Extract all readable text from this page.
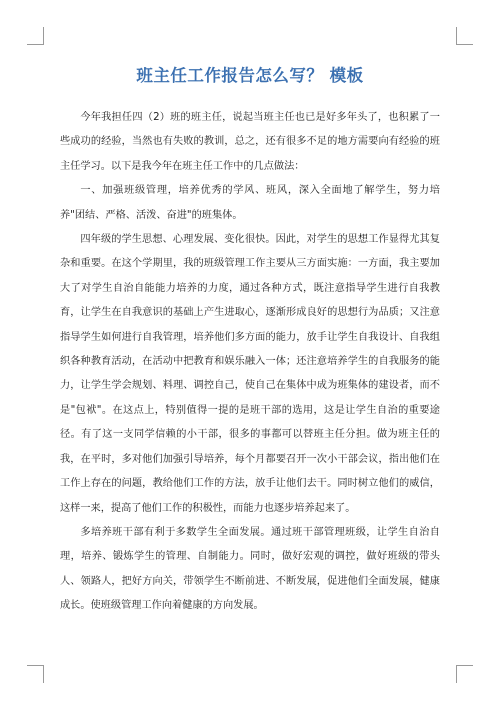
班主任工作报告怎么写？ 模板

今年我担任四（2）班的班主任，说起当班主任也已是好多年头了，也积累了一些成功的经验，当然也有失败的教训，总之，还有很多不足的地方需要向有经验的班主任学习。以下是我今年在班主任工作中的几点做法：

一、加强班级管理，培养优秀的学风、班风，深入全面地了解学生，努力培养"团结、严格、活泼、奋进"的班集体。

四年级的学生思想、心理发展、变化很快。因此，对学生的思想工作显得尤其复杂和重要。在这个学期里，我的班级管理工作主要从三方面实施：一方面，我主要加大了对学生自治自能能力培养的力度，通过各种方式，既注意指导学生进行自我教育，让学生在自我意识的基础上产生进取心，逐渐形成良好的思想行为品质；又注意指导学生如何进行自我管理，培养他们多方面的能力，放手让学生自我设计、自我组织各种教育活动，在活动中把教育和娱乐融入一体；还注意培养学生的自我服务的能力，让学生学会规划、料理、调控自己，使自己在集体中成为班集体的建设者，而不是"包袱"。在这点上，特别值得一提的是班干部的选用，这是让学生自治的重要途径。有了这一支同学信赖的小干部，很多的事都可以替班主任分担。做为班主任的我，在平时，多对他们加强引导培养，每个月都要召开一次小干部会议，指出他们在工作上存在的问题，教给他们工作的方法，放手让他们去干。同时树立他们的威信，这样一来，提高了他们工作的积极性，而能力也逐步培养起来了。

多培养班干部有利于多数学生全面发展。通过班干部管理班级，让学生自治自理，培养、锻炼学生的管理、自制能力。同时，做好宏观的调控，做好班级的带头人、领路人，把好方向关，带领学生不断前进、不断发展，促进他们全面发展，健康成长。使班级管理工作向着健康的方向发展。
